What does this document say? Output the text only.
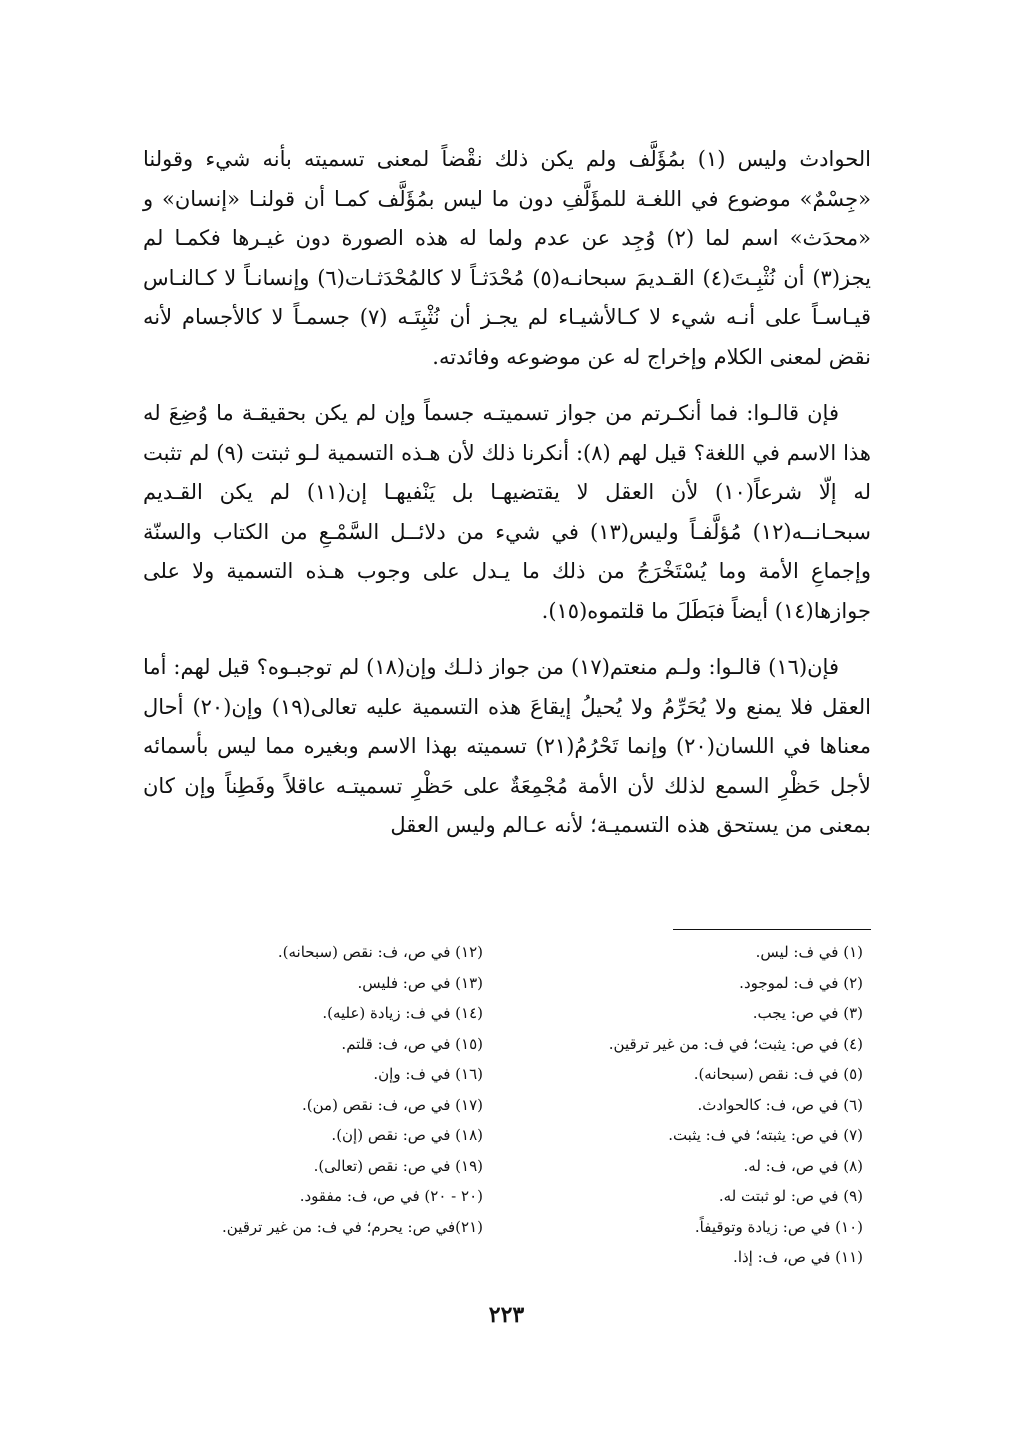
الحوادث وليس (١) بمُؤَلَّف ولم يكن ذلك نقْضاً لمعنى تسميته بأنه شيء وقولنا «جِسْمٌ» موضوع في اللغـة للمؤَلَّفِ دون ما ليس بمُؤَلَّف كمـا أن قولنـا «إنسان» و «محدَث» اسم لما (٢) وُجِد عن عدم ولما له هذه الصورة دون غيـرها فكمـا لم يجز(٣) أن نُثْبِـتَ(٤) القـديمَ سبحانـه(٥) مُحْدَثـاً لا كالمُحْدَثـات(٦) وإنسانـاً لا كـالنـاس قيـاسـاً على أنـه شيء لا كـالأشيـاء لم يجـز أن نُثْبِتَـه (٧) جسمـاً لا كالأجسام لأنه نقض لمعنى الكلام وإخراج له عن موضوعه وفائدته.

فإن قالـوا: فما أنكـرتم من جواز تسميتـه جسماً وإن لم يكن بحقيقـة ما وُضِعَ له هذا الاسم في اللغة؟ قيل لهم (٨): أنكرنا ذلك لأن هـذه التسمية لـو ثبتت (٩) لم تثبت له إلّا شرعاً(١٠) لأن العقل لا يقتضيهـا بل يَنْفيهـا إن(١١) لم يكن القـديم سبحـانــه(١٢) مُؤلَّفـاً وليس(١٣) في شيء من دلائــل السَّمْـعِ من الكتاب والسنّة وإجماعِ الأمة وما يُسْتَخْرَجُ من ذلك ما يـدل على وجوب هـذه التسمية ولا على جوازها(١٤) أيضاً فبَطَلَ ما قلتموه(١٥).

فإن(١٦) قالـوا: ولـم منعتم(١٧) من جواز ذلـك وإن(١٨) لم توجبـوه؟ قيل لهم: أما العقل فلا يمنع ولا يُحَرِّمُ ولا يُحيلُ إيقاعَ هذه التسمية عليه تعالى(١٩) وإن(٢٠) أحال معناها في اللسان(٢٠) وإنما تَحْرُمُ(٢١) تسميته بهذا الاسم وبغيره مما ليس بأسمائه لأجل حَظْرِ السمع لذلك لأن الأمة مُجْمِعَةٌ على حَظْرِ تسميتـه عاقلاً وفَطِناً وإن كان بمعنى من يستحق هذه التسميـة؛ لأنه عـالم وليس العقل

(١) في ف: ليس.
(٢) في ف: لموجود.
(٣) في ص: يجب.
(٤) في ص: يثبت؛ في ف: من غير ترقين.
(٥) في ف: نقص (سبحانه).
(٦) في ص، ف: كالحوادث.
(٧) في ص: يثبته؛ في ف: يثبت.
(٨) في ص، ف: له.
(٩) في ص: لو ثبتت له.
(١٠) في ص: زيادة وتوقيفاً.
(١١) في ص، ف: إذا.
(١٢) في ص، ف: نقص (سبحانه).
(١٣) في ص: فليس.
(١٤) في ف: زيادة (عليه).
(١٥) في ص، ف: قلتم.
(١٦) في ف: وإن.
(١٧) في ص، ف: نقص (من).
(١٨) في ص: نقص (إن).
(١٩) في ص: نقص (تعالى).
(٢٠ - ٢٠) في ص، ف: مفقود.
(٢١)في ص: يحرم؛ في ف: من غير ترقين.
٢٢٣
